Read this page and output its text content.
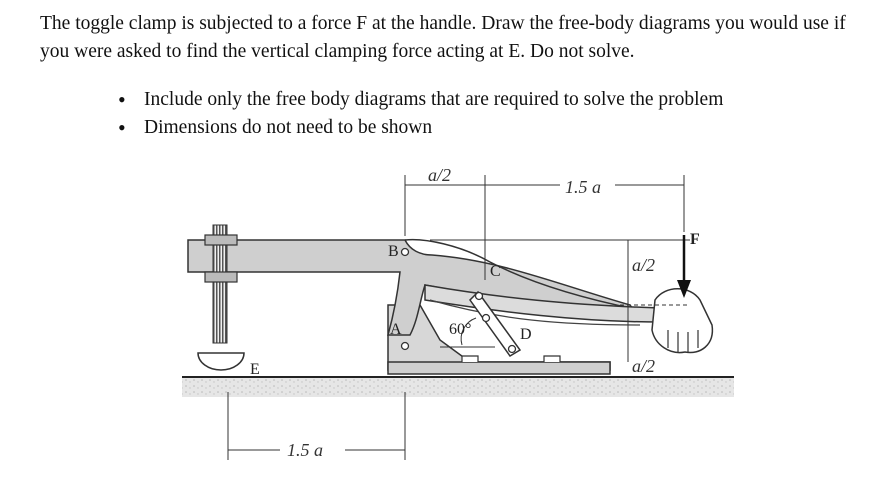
The toggle clamp is subjected to a force F at the handle. Draw the free-body diagrams you would use if you were asked to find the vertical clamping force acting at E. Do not solve.

• Include only the free body diagrams that are required to solve the problem
• Dimensions do not need to be shown
a/2
1.5 a
a/2
a/2
1.5 a
60°
A
B
C
D
E
F
